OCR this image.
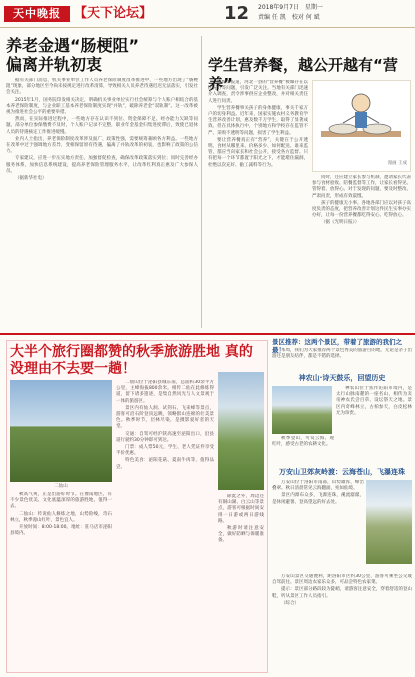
天中晚报	【天下论坛】	12 2018年9月7日　星期一
责编 任 凯　校对 何 斌
养老金遇“肠梗阻”
偏离并轨初衷

据有关部门消息，机关事业单位工作人员养老保险制度改革推进中，一些地方出现了“肠梗阻”现象，部分地区至今尚未按规定进行改革清算，导致相关人员养老待遇迟迟无法落实，引发社会关注。

2015年1月，国务院印发相关决定，明确机关事业单位实行社会统筹与个人账户相结合的基本养老保险制度，与企业职工基本养老保险制度实现“并轨”，破除养老金“双轨制”。这一改革被视为推进社会公平的重要举措。

然而，在实际推进过程中，一些地方存在认识不到位、资金保障不足、经办能力欠缺等问题。部分单位参保缴费不及时，个人账户记录不完整，职业年金基金归集进度滞后，致使已退休人员的待遇核定工作推进缓慢。

业内人士指出，养老保险制度改革涉及面广、政策性强，需要统筹兼顾各方利益。一些地方在改革中过于强调地方差异，变相保留原有待遇，偏离了并轨改革的初衷，也影响了政策的公信力。

专家建议，应进一步压实地方责任，加强督促检查，确保改革政策落实到位；同时完善经办服务体系，加快信息系统建设，提高养老保险管理服务水平，让改革红利真正惠及广大参保人员。

（据新华社电）

学生营养餐，越公开越有“营养”

据媒体报道，河北一县的“营养餐”被曝存在以次充好等问题，引发广泛关注。当地有关部门迅速介入调查，责令涉事供应企业整改，并对相关责任人进行问责。

学生营养餐事关孩子的身体健康，事关千家万户的切身利益。近年来，国家实施农村义务教育学生营养改善计划，惠及数千万学生，取得了显著成效。但在具体执行中，个别地方和学校存在监管不严、采购不透明等问题，损害了学生利益。

要让营养餐真正有“营养”，关键在于公开透明。食材从哪里来、价格多少、如何配送、谁来监管，都应当向家长和社会公开，接受各方监督。只有把每一个环节都置于阳光之下，才能堵住漏洞，杜绝以次充好、偷工减料等行为。	漫画 王成

同时，还应建立家长参与机制，邀请家长代表参与食材验收、陪餐监督等工作，让家长看得见、管得着、放得心。对于发现的问题，要及时整改、严肃问责，形成有效震慑。

孩子的健康无小事。各地各部门应以对孩子高度负责的态度，把营养改善计划这件民生实事办实办好，让每一份营养餐都吃得安心、吃得放心。

（据《光明日报》）

大半个旅行圈都赞的秋季旅游胜地 真的没理由不去要一趟！
二仙山

秋高气爽，正是出游好时节。在豫南地区，有不少景色优美、文化底蕴深厚的旅游胜地，值得一去。

二仙山：传说仙人修炼之地，山势险峻，奇石林立，秋季漫山红叶，景色宜人。

开放时间：8:00-18:00。地址：驻马店市泌阳县境内。

二仙山位于泌阳县城东南，总面积30余平方公里，主峰海拔800余米。相传二仙在此修炼得道，留下诸多遗迹，是集自然风光与人文景观于一体的旅游区。

景区内有仙人洞、试剑石、飞来峰等景点，游客可沿石阶登顶远眺，领略群山连绵的壮美景色。秋季时节，层林尽染，是摄影爱好者的天堂。

交通：自驾可经沪陕高速至泌阳出口，沿县道行驶约30分钟即可到达。

门票：成人票50元，学生、老人凭证件享受半价优惠。

特色美食：泌阳花菇、夏南牛肉等，值得品尝。

除此之外，周边还有铜山湖、白云山等景点，游客可根据时间安排一日游或两日游线路。

秋游时请注意安全，做好防晒与保暖准备。

景区推荐：这两个景区，带着了旅游的我们之最！

本周，我们为大家推荐两个景色秀美的旅游目的地，无论是亲子出游还是朋友结伴，都是不错的选择。

神农山·诗天鼓乐，回望历史

神农山位于焦作沁阳市境内，是太行山脉南麓的一座名山，相传为炎帝神农氏尝百草、设坛祭天之地。景区内奇峰林立，古柏参天，白皮松林尤为珍贵。

秋季登山，可赏云海、观红叶，感受古老的农耕文化。

万安山卫郊灰岭渡：云海苍山，飞瀑连珠

万安山位于洛阳市南部，山势雄浑，峰峦叠翠。秋日清晨常见云海翻涌，宛如仙境。

景区内瀑布众多，飞瀑连珠，溪流潺潺，是休闲避暑、登高望远的好去处。

万安山景区交通便利，距洛阳市区约30公里，游客可乘坐公交或自驾前往。景区周边农家乐众多，可品尝特色农家菜。

提示：景区部分路段较为陡峭，请游客注意安全，穿着舒适的登山鞋，听从景区工作人员指引。

（综合）
